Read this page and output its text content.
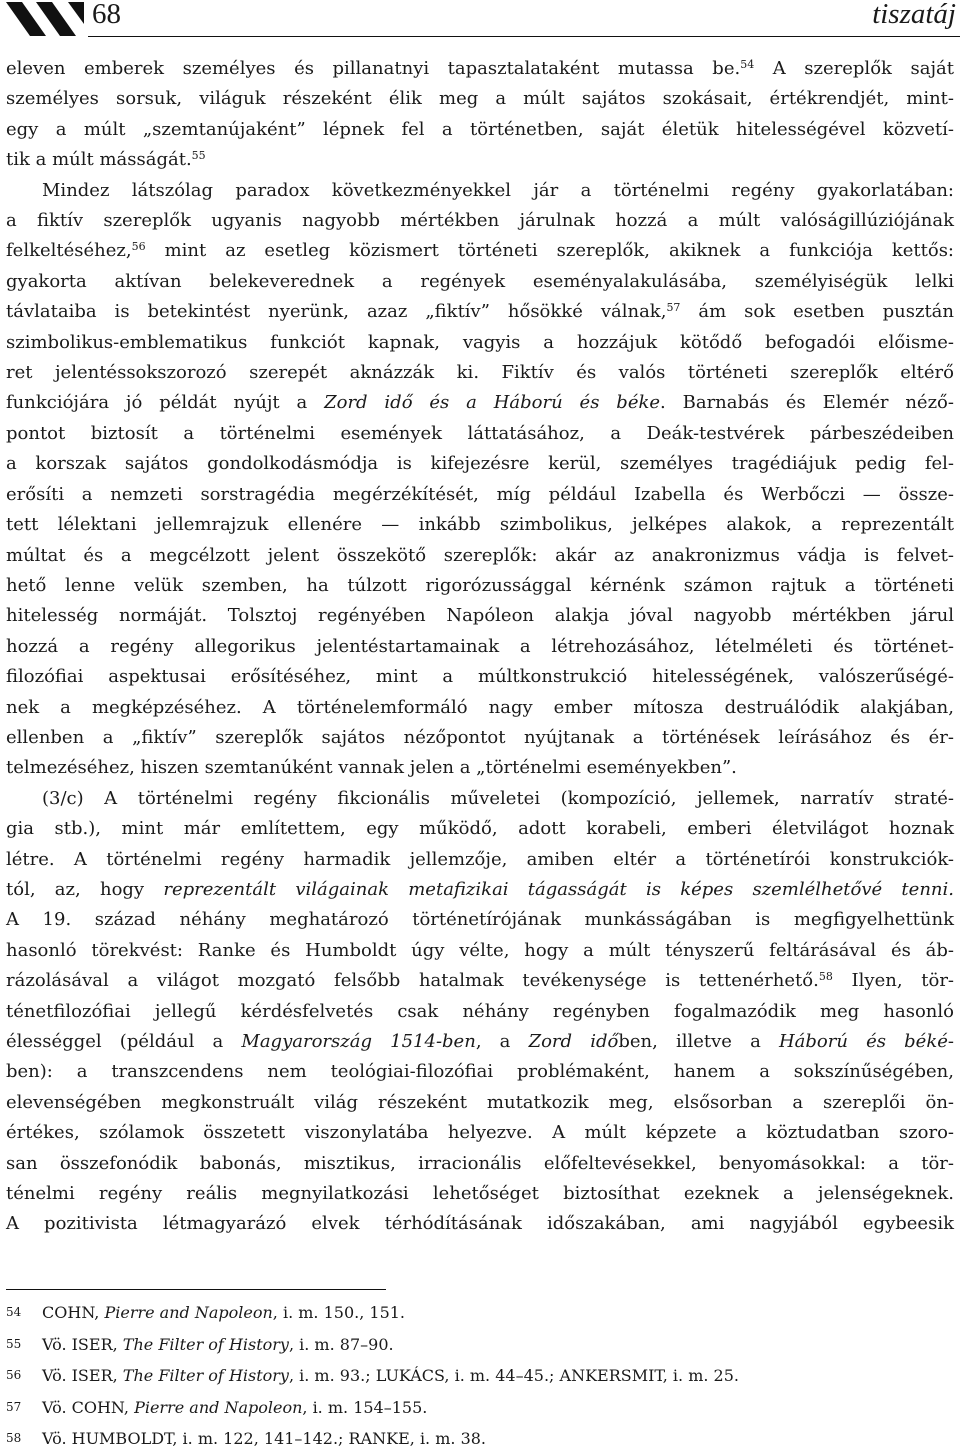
68	tiszatáj
eleven emberek személyes és pillanatnyi tapasztalataként mutassa be.$^{54}$ A szereplők saját
személyes sorsuk, világuk részeként élik meg a múlt sajátos szokásait, értékrendjét, mint-
egy a múlt „szemtanújaként” lépnek fel a történetben, saját életük hitelességével közvetí-
tik a múlt másságát.$^{55}$
Mindez látszólag paradox következményekkel jár a történelmi regény gyakorlatában:
a fiktív szereplők ugyanis nagyobb mértékben járulnak hozzá a múlt valóságillúziójának
felkeltéséhez,$^{56}$ mint az esetleg közismert történeti szereplők, akiknek a funkciója kettős:
gyakorta aktívan belekeverednek a regények eseményalakulásába, személyiségük lelki
távlataiba is betekintést nyerünk, azaz „fiktív” hősökké válnak,$^{57}$ ám sok esetben pusztán
szimbolikus-emblematikus funkciót kapnak, vagyis a hozzájuk kötődő befogadói előisme-
ret jelentéssokszorozó szerepét aknázzák ki. Fiktív és valós történeti szereplők eltérő
funkciójára jó példát nyújt a Zord idő és a Háború és béke. Barnabás és Elemér néző-
pontot biztosít a történelmi események láttatásához, a Deák-testvérek párbeszédeiben
a korszak sajátos gondolkodásmódja is kifejezésre kerül, személyes tragédiájuk pedig fel-
erősíti a nemzeti sorstragédia megérzékítését, míg például Izabella és Werbőczi — össze-
tett lélektani jellemrajzuk ellenére — inkább szimbolikus, jelképes alakok, a reprezentált
múltat és a megcélzott jelent összekötő szereplők: akár az anakronizmus vádja is felvet-
hető lenne velük szemben, ha túlzott rigorózussággal kérnénk számon rajtuk a történeti
hitelesség normáját. Tolsztoj regényében Napóleon alakja jóval nagyobb mértékben járul
hozzá a regény allegorikus jelentéstartamainak a létrehozásához, lételméleti és történet-
filozófiai aspektusai erősítéséhez, mint a múltkonstrukció hitelességének, valószerűségé-
nek a megképzéséhez. A történelemformáló nagy ember mítosza destruálódik alakjában,
ellenben a „fiktív” szereplők sajátos nézőpontot nyújtanak a történések leírásához és ér-
telmezéséhez, hiszen szemtanúként vannak jelen a „történelmi eseményekben”.
(3/c) A történelmi regény fikcionális műveletei (kompozíció, jellemek, narratív straté-
gia stb.), mint már említettem, egy működő, adott korabeli, emberi életvilágot hoznak
létre. A történelmi regény harmadik jellemzője, amiben eltér a történetírói konstrukciók-
tól, az, hogy reprezentált világainak metafizikai tágasságát is képes szemlélhetővé tenni.
A 19. század néhány meghatározó történetírójának munkásságában is megfigyelhettünk
hasonló törekvést: Ranke és Humboldt úgy vélte, hogy a múlt tényszerű feltárásával és áb-
rázolásával a világot mozgató felsőbb hatalmak tevékenysége is tettenérhető.$^{58}$ Ilyen, tör-
ténetfilozófiai jellegű kérdésfelvetés csak néhány regényben fogalmazódik meg hasonló
élességgel (például a Magyarország 1514-ben, a Zord időben, illetve a Háború és béké-
ben): a transzcendens nem teológiai-filozófiai problémaként, hanem a sokszínűségében,
elevenségében megkonstruált világ részeként mutatkozik meg, elsősorban a szereplői ön-
értékes, szólamok összetett viszonylatába helyezve. A múlt képzete a köztudatban szoro-
san összefonódik babonás, misztikus, irracionális előfeltevésekkel, benyomásokkal: a tör-
ténelmi regény reális megnyilatkozási lehetőséget biztosíthat ezeknek a jelenségeknek.
A pozitivista létmagyarázó elvek térhódításának időszakában, ami nagyjából egybeesik
54 COHN, Pierre and Napoleon, i. m. 150., 151.
55 Vö. ISER, The Filter of History, i. m. 87–90.
56 Vö. ISER, The Filter of History, i. m. 93.; LUKÁCS, i. m. 44–45.; ANKERSMIT, i. m. 25.
57 Vö. COHN, Pierre and Napoleon, i. m. 154–155.
58 Vö. HUMBOLDT, i. m. 122, 141–142.; RANKE, i. m. 38.
